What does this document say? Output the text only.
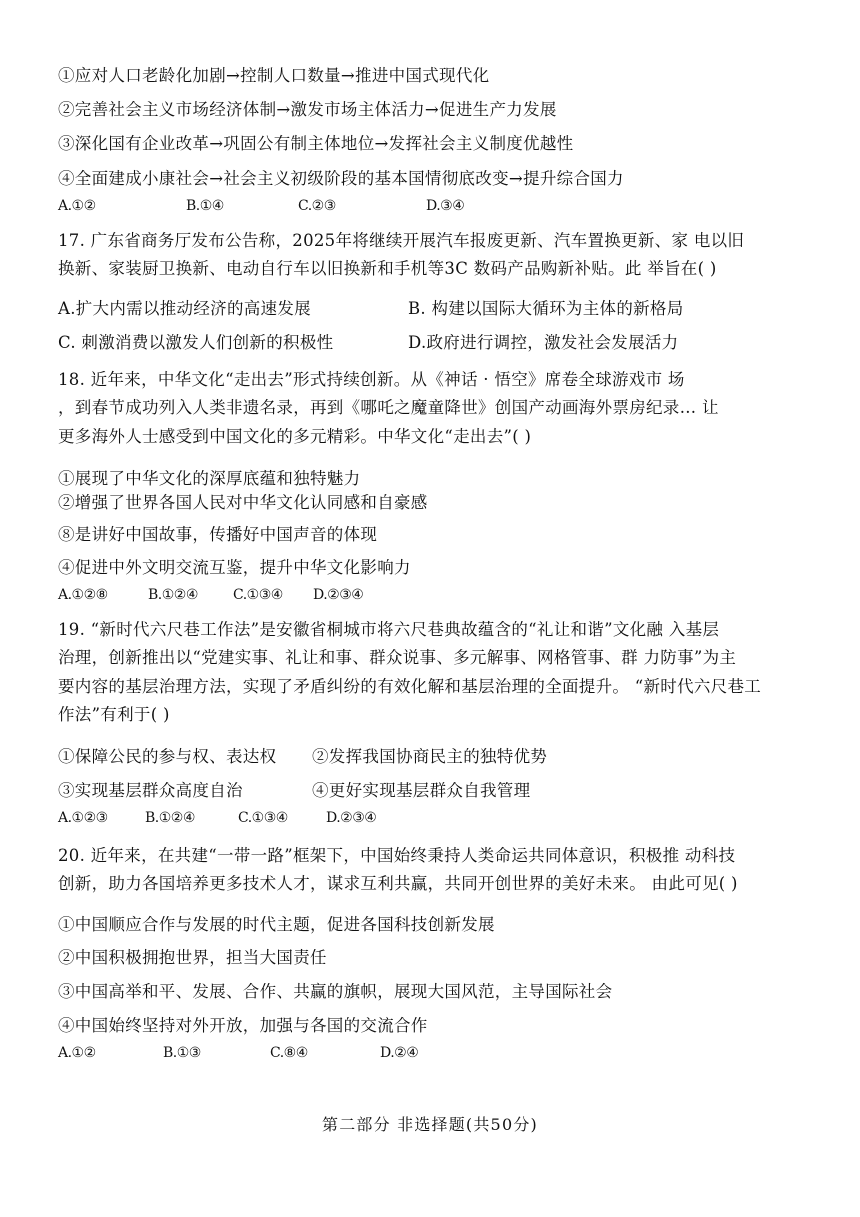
①应对人口老龄化加剧→控制人口数量→推进中国式现代化
②完善社会主义市场经济体制→激发市场主体活力→促进生产力发展
③深化国有企业改革→巩固公有制主体地位→发挥社会主义制度优越性
④全面建成小康社会→社会主义初级阶段的基本国情彻底改变→提升综合国力
A.①②	B.①④	C.②③	D.③④
17. 广东省商务厅发布公告称，2025年将继续开展汽车报废更新、汽车置换更新、家 电以旧
换新、家装厨卫换新、电动自行车以旧换新和手机等3C 数码产品购新补贴。此 举旨在( )
A.扩大内需以推动经济的高速发展	B. 构建以国际大循环为主体的新格局
C. 刺激消费以激发人们创新的积极性	D.政府进行调控，激发社会发展活力
18. 近年来，中华文化“走出去”形式持续创新。从《神话 · 悟空》席卷全球游戏市 场
，到春节成功列入人类非遗名录，再到《哪吒之魔童降世》创国产动画海外票房纪录… 让
更多海外人士感受到中国文化的多元精彩。中华文化“走出去”( )
①展现了中华文化的深厚底蕴和独特魅力
②增强了世界各国人民对中华文化认同感和自豪感
⑧是讲好中国故事，传播好中国声音的体现
④促进中外文明交流互鉴，提升中华文化影响力
A.①②⑧	B.①②④	C.①③④ D.②③④
19. “新时代六尺巷工作法”是安徽省桐城市将六尺巷典故蕴含的“礼让和谐”文化融 入基层
治理，创新推出以“党建实事、礼让和事、群众说事、多元解事、网格管事、群 力防事”为主
要内容的基层治理方法，实现了矛盾纠纷的有效化解和基层治理的全面提升。 “新时代六尺巷工
作法”有利于( )
①保障公民的参与权、表达权 ②发挥我国协商民主的独特优势
③实现基层群众高度自治	④更好实现基层群众自我管理
A.①②③	B.①②④	C.①③④	D.②③④
20. 近年来，在共建“一带一路”框架下，中国始终秉持人类命运共同体意识，积极推 动科技
创新，助力各国培养更多技术人才，谋求互利共赢，共同开创世界的美好未来。 由此可见( )
①中国顺应合作与发展的时代主题，促进各国科技创新发展
②中国积极拥抱世界，担当大国责任
③中国高举和平、发展、合作、共赢的旗帜，展现大国风范，主导国际社会
④中国始终坚持对外开放，加强与各国的交流合作
A.①②	B.①③	C.⑧④	D.②④
第二部分 非选择题(共50分)
